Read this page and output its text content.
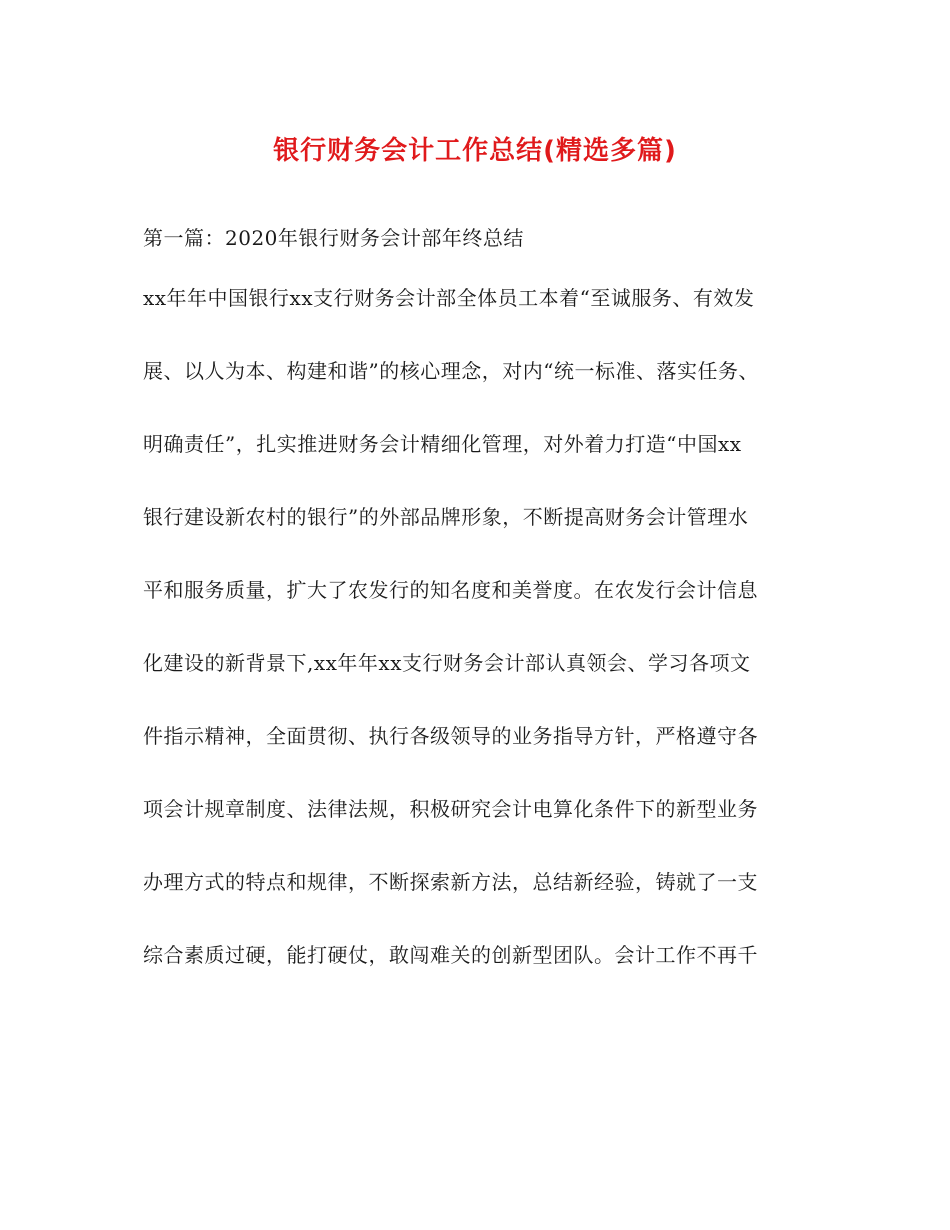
银行财务会计工作总结(精选多篇)
第一篇：2020年银行财务会计部年终总结
xx年年中国银行xx支行财务会计部全体员工本着“至诚服务、有效发
展、以人为本、构建和谐”的核心理念，对内“统一标准、落实任务、
明确责任”，扎实推进财务会计精细化管理，对外着力打造“中国xx
银行建设新农村的银行”的外部品牌形象，不断提高财务会计管理水
平和服务质量，扩大了农发行的知名度和美誉度。在农发行会计信息
化建设的新背景下,xx年年xx支行财务会计部认真领会、学习各项文
件指示精神，全面贯彻、执行各级领导的业务指导方针，严格遵守各
项会计规章制度、法律法规，积极研究会计电算化条件下的新型业务
办理方式的特点和规律，不断探索新方法，总结新经验，铸就了一支
综合素质过硬，能打硬仗，敢闯难关的创新型团队。会计工作不再千
